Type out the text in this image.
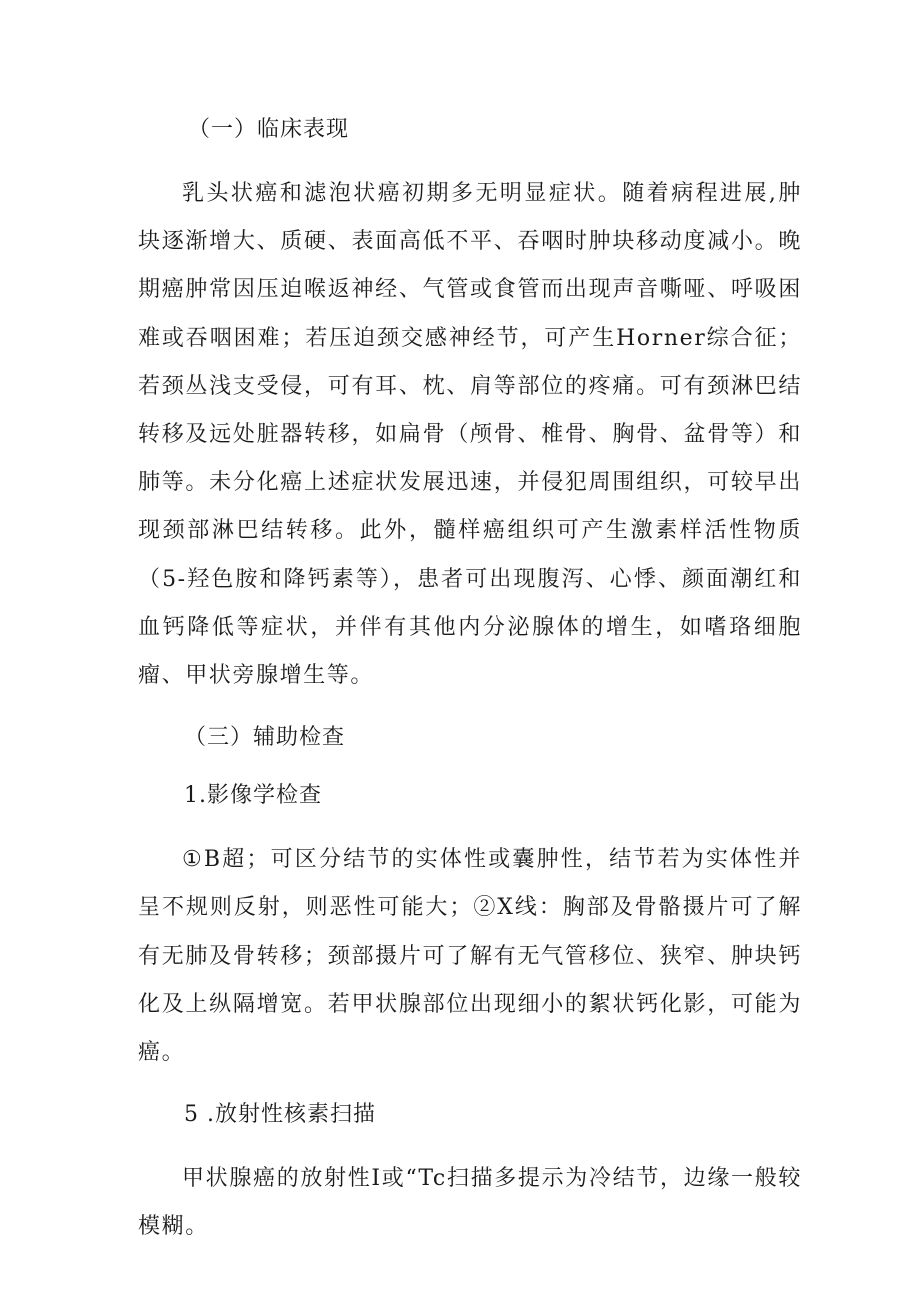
（一）临床表现

乳头状癌和滤泡状癌初期多无明显症状。随着病程进展,肿块逐渐增大、质硬、表面高低不平、吞咽时肿块移动度减小。晚期癌肿常因压迫喉返神经、气管或食管而出现声音嘶哑、呼吸困难或吞咽困难；若压迫颈交感神经节，可产生Horner综合征；若颈丛浅支受侵，可有耳、枕、肩等部位的疼痛。可有颈淋巴结转移及远处脏器转移，如扁骨（颅骨、椎骨、胸骨、盆骨等）和肺等。未分化癌上述症状发展迅速，并侵犯周围组织，可较早出现颈部淋巴结转移。此外，髓样癌组织可产生激素样活性物质（5-羟色胺和降钙素等），患者可出现腹泻、心悸、颜面潮红和血钙降低等症状，并伴有其他内分泌腺体的增生，如嗜珞细胞瘤、甲状旁腺增生等。

（三）辅助检查

1.影像学检查

①B超；可区分结节的实体性或囊肿性，结节若为实体性并呈不规则反射，则恶性可能大；②X线：胸部及骨骼摄片可了解有无肺及骨转移；颈部摄片可了解有无气管移位、狭窄、肿块钙化及上纵隔增宽。若甲状腺部位出现细小的絮状钙化影，可能为癌。

5 .放射性核素扫描

甲状腺癌的放射性Ⅰ或“Tc扫描多提示为冷结节，边缘一般较模糊。
